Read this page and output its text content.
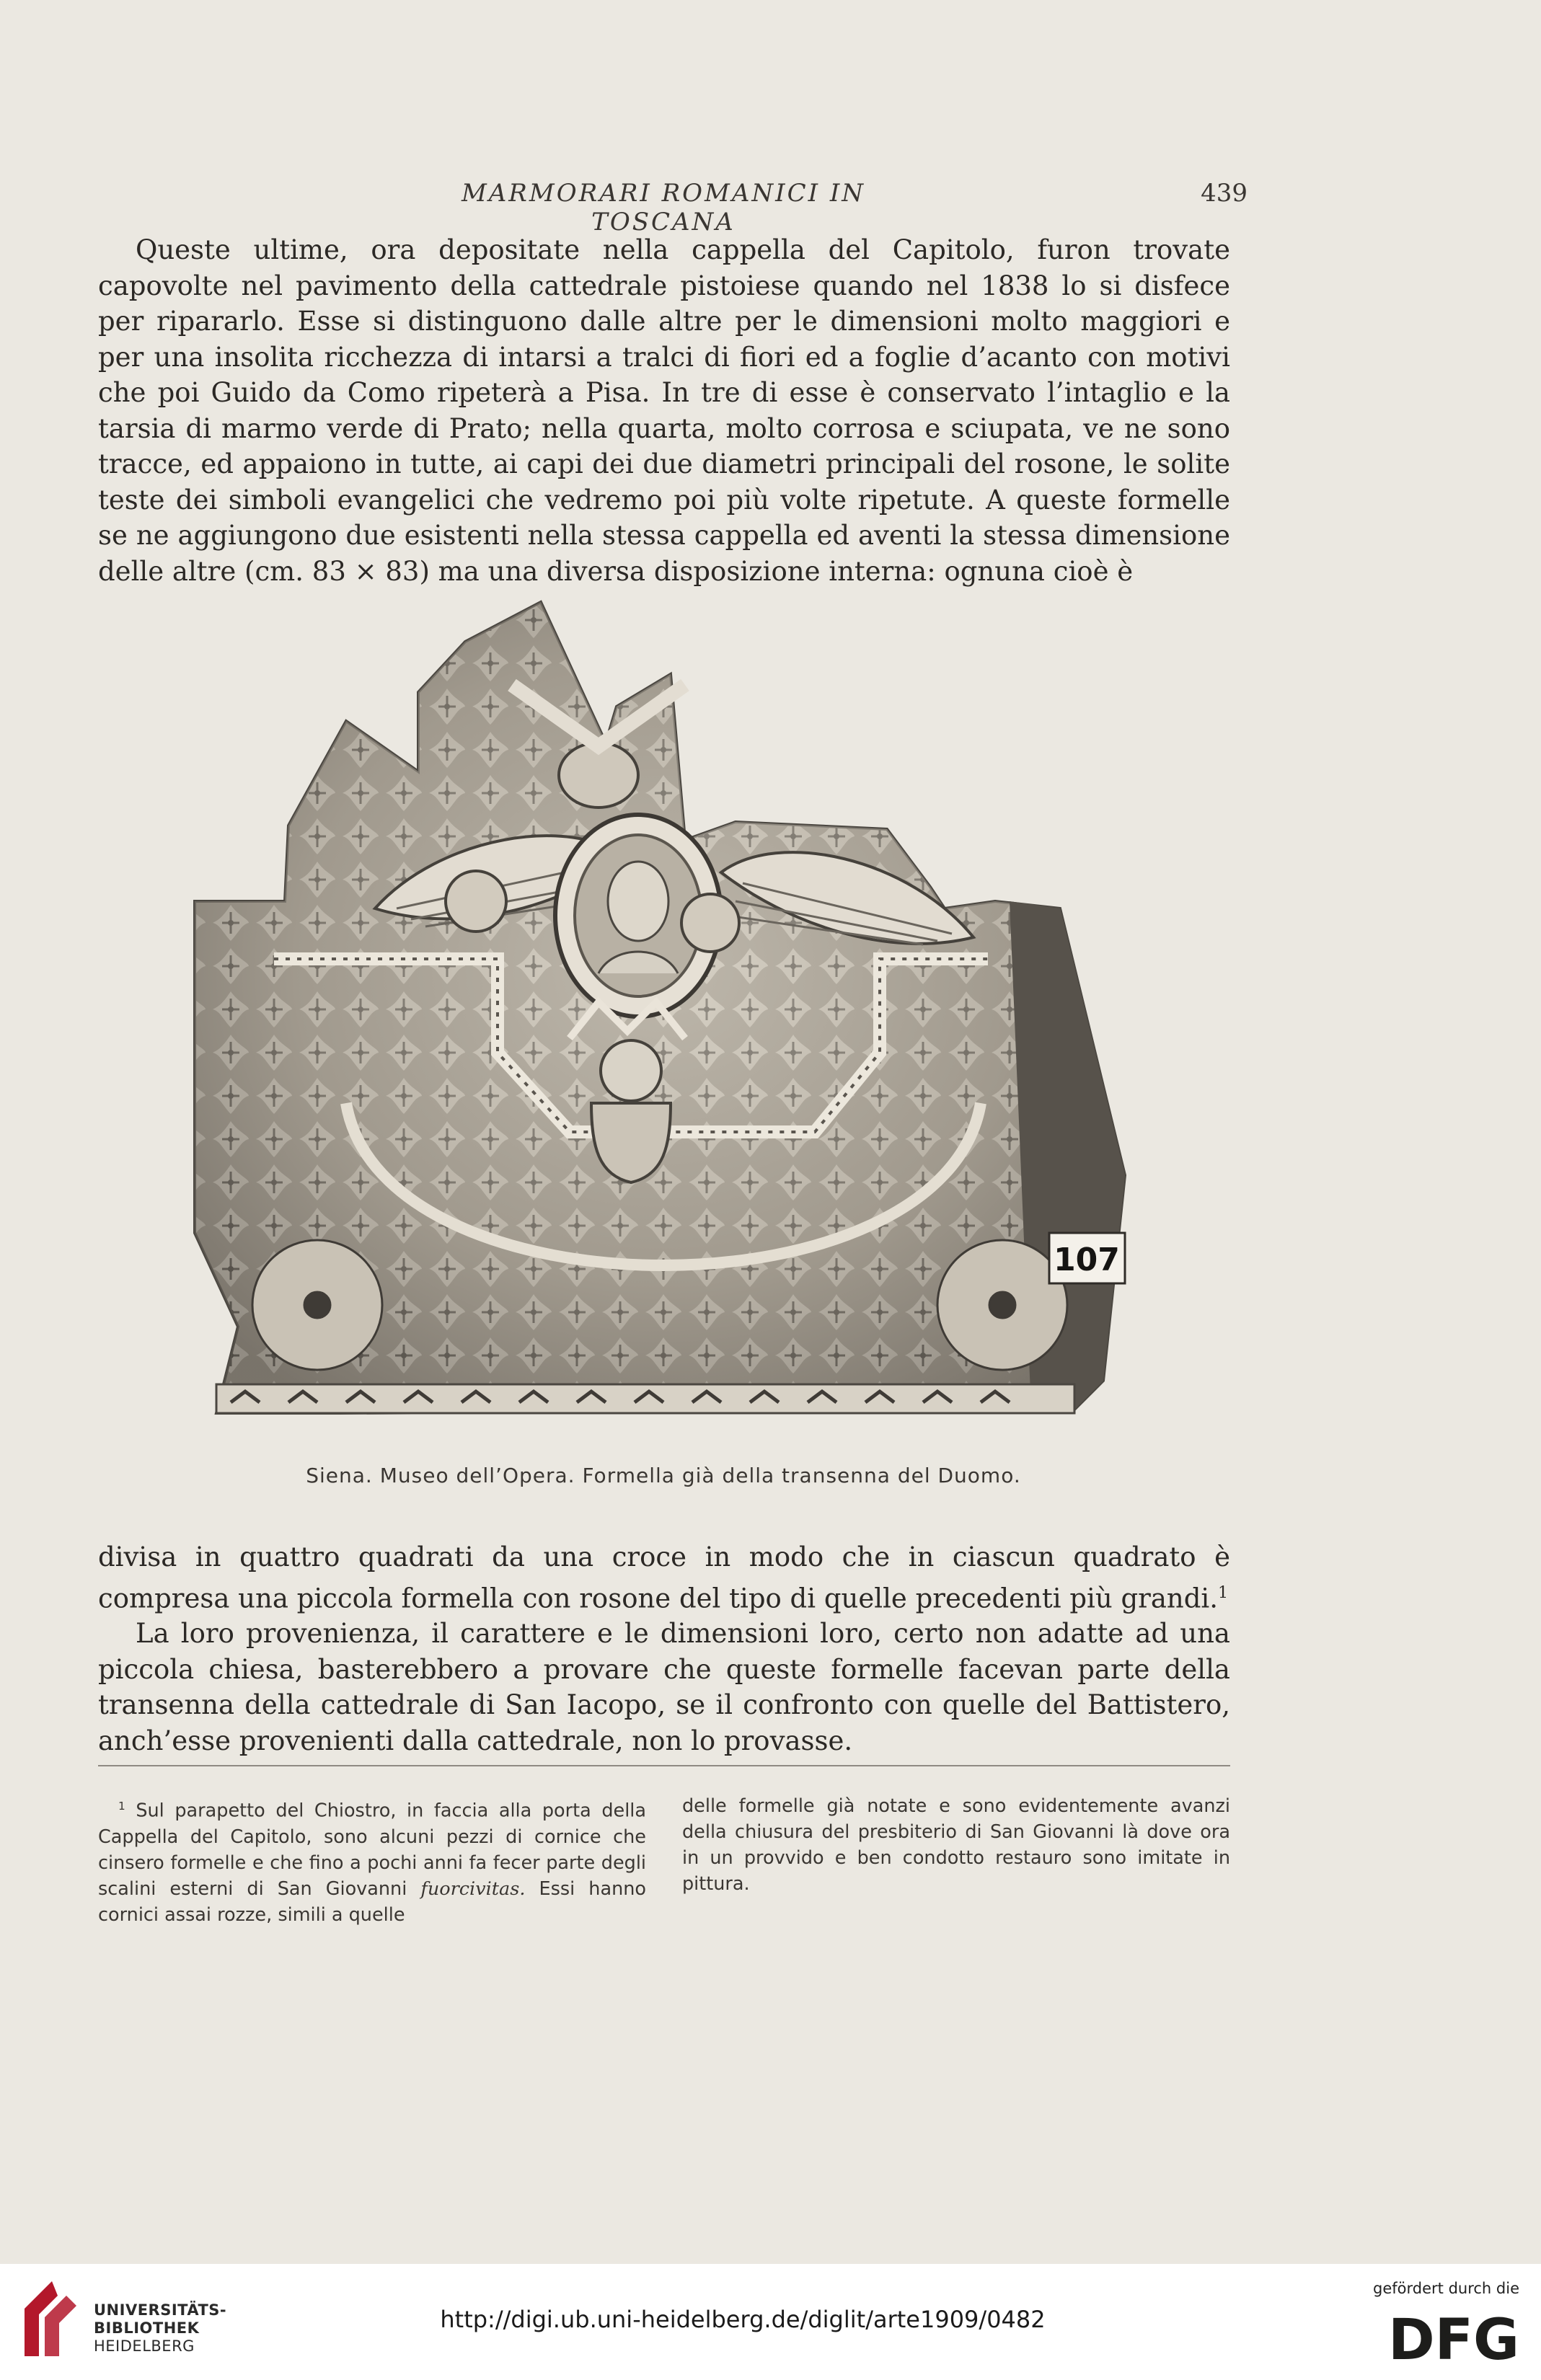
MARMORARI ROMANICI IN TOSCANA
439
Queste ultime, ora depositate nella cappella del Capitolo, furon trovate capovolte nel pavimento della cattedrale pistoiese quando nel 1838 lo si disfece per ripararlo. Esse si distinguono dalle altre per le dimensioni molto maggiori e per una insolita ricchezza di intarsi a tralci di fiori ed a foglie d’acanto con motivi che poi Guido da Como ripeterà a Pisa. In tre di esse è conservato l’intaglio e la tarsia di marmo verde di Prato; nella quarta, molto corrosa e sciupata, ve ne sono tracce, ed appaiono in tutte, ai capi dei due diametri principali del rosone, le solite teste dei simboli evangelici che vedremo poi più volte ripetute. A queste formelle se ne aggiungono due esistenti nella stessa cappella ed aventi la stessa dimensione delle altre (cm. 83 × 83) ma una diversa disposizione interna: ognuna cioè è
107
Siena. Museo dell’Opera. Formella già della transenna del Duomo.
divisa in quattro quadrati da una croce in modo che in ciascun quadrato è compresa una piccola formella con rosone del tipo di quelle precedenti più grandi.$^1$
La loro provenienza, il carattere e le dimensioni loro, certo non adatte ad una piccola chiesa, basterebbero a provare che queste formelle facevan parte della transenna della cattedrale di San Iacopo, se il confronto con quelle del Battistero, anch’esse provenienti dalla cattedrale, non lo provasse.
$^1$ Sul parapetto del Chiostro, in faccia alla porta della Cappella del Capitolo, sono alcuni pezzi di cornice che cinsero formelle e che fino a pochi anni fa fecer parte degli scalini esterni di San Giovanni fuorcivitas. Essi hanno cornici assai rozze, simili a quelle
delle formelle già notate e sono evidentemente avanzi della chiusura del presbiterio di San Giovanni là dove ora in un provvido e ben condotto restauro sono imitate in pittura.
UNIVERSITÄTS-
BIBLIOTHEK
HEIDELBERG
http://digi.ub.uni-heidelberg.de/diglit/arte1909/0482
gefördert durch die
DFG
